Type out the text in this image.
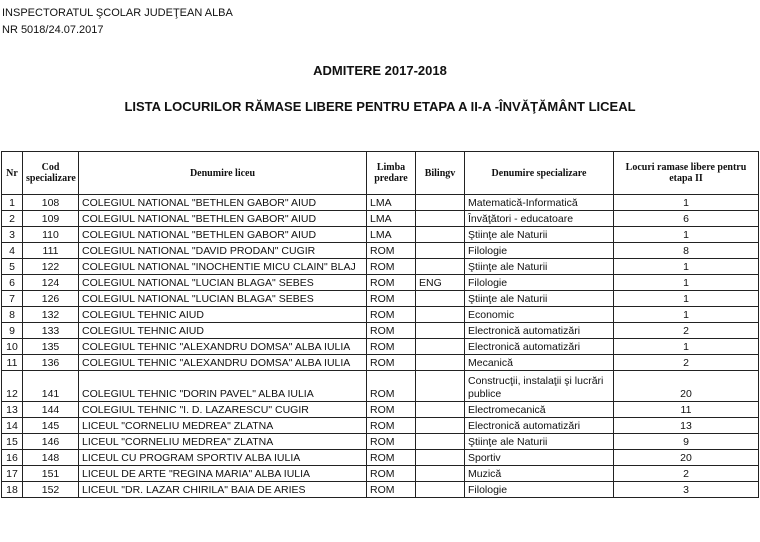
INSPECTORATUL ŞCOLAR JUDEŢEAN ALBA
NR 5018/24.07.2017
ADMITERE 2017-2018
LISTA LOCURILOR RĂMASE LIBERE PENTRU ETAPA A II-A -ÎNVĂŢĂMÂNT LICEAL
Nr	Cod specializare	Denumire liceu	Limba predare	Bilingv	Denumire specializare	Locuri ramase libere pentru etapa II
1	108	COLEGIUL NATIONAL "BETHLEN GABOR" AIUD	LMA		Matematică-Informatică	1
2	109	COLEGIUL NATIONAL "BETHLEN GABOR" AIUD	LMA		Învăţători - educatoare	6
3	110	COLEGIUL NATIONAL "BETHLEN GABOR" AIUD	LMA		Ştiinţe ale Naturii	1
4	111	COLEGIUL NATIONAL "DAVID PRODAN" CUGIR	ROM		Filologie	8
5	122	COLEGIUL NATIONAL "INOCHENTIE MICU CLAIN" BLAJ	ROM		Ştiinţe ale Naturii	1
6	124	COLEGIUL NATIONAL "LUCIAN BLAGA" SEBES	ROM	ENG	Filologie	1
7	126	COLEGIUL NATIONAL "LUCIAN BLAGA" SEBES	ROM		Ştiinţe ale Naturii	1
8	132	COLEGIUL TEHNIC AIUD	ROM		Economic	1
9	133	COLEGIUL TEHNIC AIUD	ROM		Electronică automatizări	2
10	135	COLEGIUL TEHNIC "ALEXANDRU DOMSA" ALBA IULIA	ROM		Electronică automatizări	1
11	136	COLEGIUL TEHNIC "ALEXANDRU DOMSA" ALBA IULIA	ROM		Mecanică	2
12	141	COLEGIUL TEHNIC "DORIN PAVEL" ALBA IULIA	ROM		Construcţii, instalaţii şi lucrări publice	20
13	144	COLEGIUL TEHNIC "I. D. LAZARESCU" CUGIR	ROM		Electromecanică	11
14	145	LICEUL "CORNELIU MEDREA" ZLATNA	ROM		Electronică automatizări	13
15	146	LICEUL "CORNELIU MEDREA" ZLATNA	ROM		Ştiinţe ale Naturii	9
16	148	LICEUL CU PROGRAM SPORTIV ALBA IULIA	ROM		Sportiv	20
17	151	LICEUL DE ARTE "REGINA MARIA" ALBA IULIA	ROM		Muzică	2
18	152	LICEUL "DR. LAZAR CHIRILA" BAIA DE ARIES	ROM		Filologie	3
